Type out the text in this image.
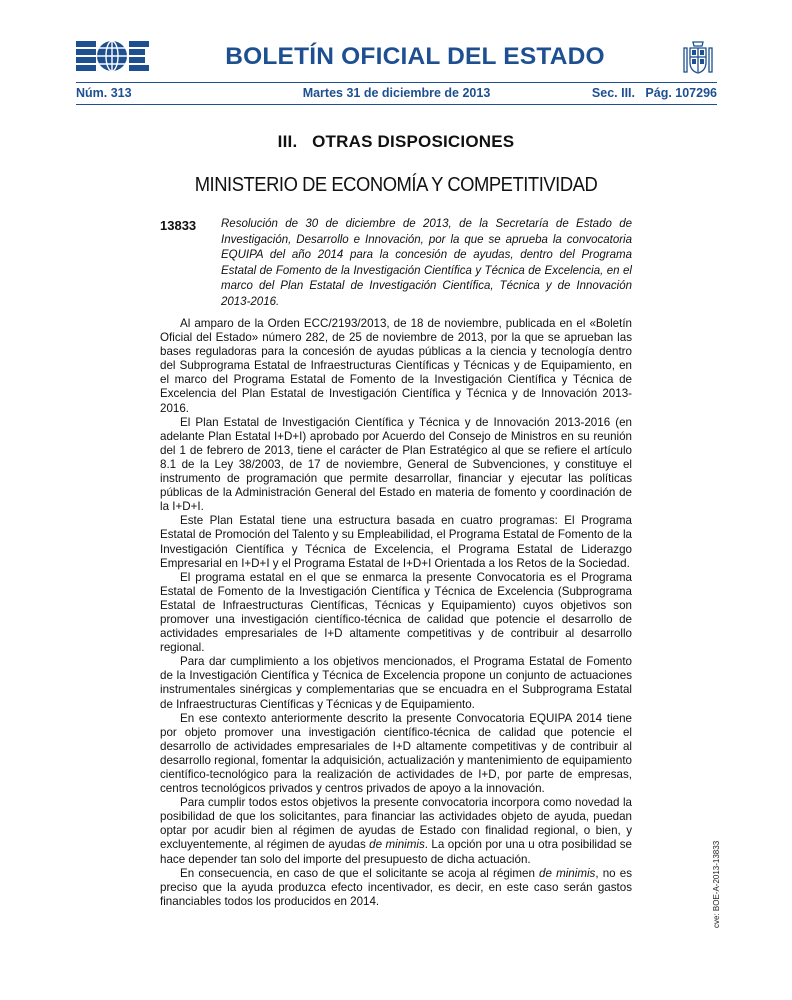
BOLETÍN OFICIAL DEL ESTADO
Núm. 313	Martes 31 de diciembre de 2013	Sec. III.   Pág. 107296
III.   OTRAS DISPOSICIONES
MINISTERIO DE ECONOMÍA Y COMPETITIVIDAD
13833 Resolución de 30 de diciembre de 2013, de la Secretaría de Estado de Investigación, Desarrollo e Innovación, por la que se aprueba la convocatoria EQUIPA del año 2014 para la concesión de ayudas, dentro del Programa Estatal de Fomento de la Investigación Científica y Técnica de Excelencia, en el marco del Plan Estatal de Investigación Científica, Técnica y de Innovación 2013-2016.

Al amparo de la Orden ECC/2193/2013, de 18 de noviembre, publicada en el «Boletín Oficial del Estado» número 282, de 25 de noviembre de 2013, por la que se aprueban las bases reguladoras para la concesión de ayudas públicas a la ciencia y tecnología dentro del Subprograma Estatal de Infraestructuras Científicas y Técnicas y de Equipamiento, en el marco del Programa Estatal de Fomento de la Investigación Científica y Técnica de Excelencia del Plan Estatal de Investigación Científica y Técnica y de Innovación 2013-2016.

El Plan Estatal de Investigación Científica y Técnica y de Innovación 2013-2016 (en adelante Plan Estatal I+D+I) aprobado por Acuerdo del Consejo de Ministros en su reunión del 1 de febrero de 2013, tiene el carácter de Plan Estratégico al que se refiere el artículo 8.1 de la Ley 38/2003, de 17 de noviembre, General de Subvenciones, y constituye el instrumento de programación que permite desarrollar, financiar y ejecutar las políticas públicas de la Administración General del Estado en materia de fomento y coordinación de la I+D+I.

Este Plan Estatal tiene una estructura basada en cuatro programas: El Programa Estatal de Promoción del Talento y su Empleabilidad, el Programa Estatal de Fomento de la Investigación Científica y Técnica de Excelencia, el Programa Estatal de Liderazgo Empresarial en I+D+I y el Programa Estatal de I+D+I Orientada a los Retos de la Sociedad.

El programa estatal en el que se enmarca la presente Convocatoria es el Programa Estatal de Fomento de la Investigación Científica y Técnica de Excelencia (Subprograma Estatal de Infraestructuras Científicas, Técnicas y Equipamiento) cuyos objetivos son promover una investigación científico-técnica de calidad que potencie el desarrollo de actividades empresariales de I+D altamente competitivas y de contribuir al desarrollo regional.

Para dar cumplimiento a los objetivos mencionados, el Programa Estatal de Fomento de la Investigación Científica y Técnica de Excelencia propone un conjunto de actuaciones instrumentales sinérgicas y complementarias que se encuadra en el Subprograma Estatal de Infraestructuras Científicas y Técnicas y de Equipamiento.

En ese contexto anteriormente descrito la presente Convocatoria EQUIPA 2014 tiene por objeto promover una investigación científico-técnica de calidad que potencie el desarrollo de actividades empresariales de I+D altamente competitivas y de contribuir al desarrollo regional, fomentar la adquisición, actualización y mantenimiento de equipamiento científico-tecnológico para la realización de actividades de I+D, por parte de empresas, centros tecnológicos privados y centros privados de apoyo a la innovación.

Para cumplir todos estos objetivos la presente convocatoria incorpora como novedad la posibilidad de que los solicitantes, para financiar las actividades objeto de ayuda, puedan optar por acudir bien al régimen de ayudas de Estado con finalidad regional, o bien, y excluyentemente, al régimen de ayudas de minimis. La opción por una u otra posibilidad se hace depender tan solo del importe del presupuesto de dicha actuación.

En consecuencia, en caso de que el solicitante se acoja al régimen de minimis, no es preciso que la ayuda produzca efecto incentivador, es decir, en este caso serán gastos financiables todos los producidos en 2014.	cve: BOE-A-2013-13833
